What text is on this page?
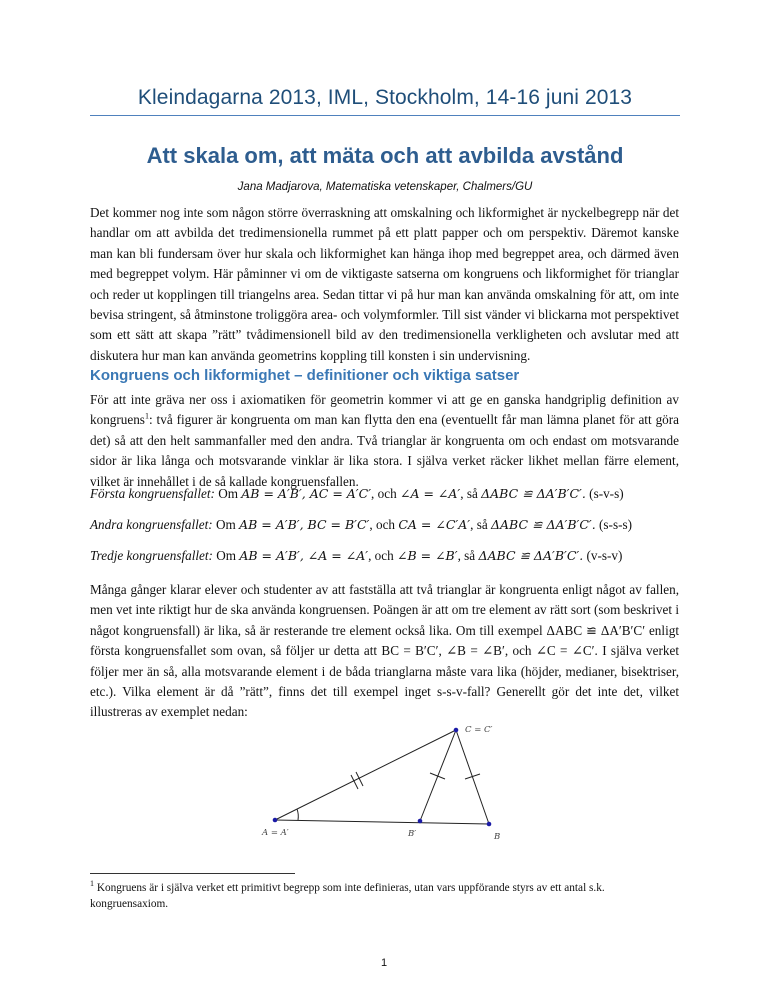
Kleindagarna 2013, IML, Stockholm, 14-16 juni 2013
Att skala om, att mäta och att avbilda avstånd
Jana Madjarova, Matematiska vetenskaper, Chalmers/GU

Det kommer nog inte som någon större överraskning att omskalning och likformighet är nyckelbegrepp när det handlar om att avbilda det tredimensionella rummet på ett platt papper och om perspektiv. Däremot kanske man kan bli fundersam över hur skala och likformighet kan hänga ihop med begreppet area, och därmed även med begreppet volym. Här påminner vi om de viktigaste satserna om kongruens och likformighet för trianglar och reder ut kopplingen till triangelns area. Sedan tittar vi på hur man kan använda omskalning för att, om inte bevisa stringent, så åtminstone troliggöra area- och volymformler. Till sist vänder vi blickarna mot perspektivet som ett sätt att skapa ”rätt” tvådimensionell bild av den tredimensionella verkligheten och avslutar med att diskutera hur man kan använda geometrins koppling till konsten i sin undervisning.

Kongruens och likformighet – definitioner och viktiga satser

För att inte gräva ner oss i axiomatiken för geometrin kommer vi att ge en ganska handgriplig definition av kongruens$^1$: två figurer är kongruenta om man kan flytta den ena (eventuellt får man lämna planet för att göra det) så att den helt sammanfaller med den andra. Två trianglar är kongruenta om och endast om motsvarande sidor är lika långa och motsvarande vinklar är lika stora. I själva verket räcker likhet mellan färre element, vilket är innehållet i de så kallade kongruensfallen.

Första kongruensfallet: Om AB = A′B′, AC = A′C′, och ∠A = ∠A′, så ΔABC ≌ ΔA′B′C′. (s-v-s)
Andra kongruensfallet: Om AB = A′B′, BC = B′C′, och CA = ∠C′A′, så ΔABC ≌ ΔA′B′C′. (s-s-s)
Tredje kongruensfallet: Om AB = A′B′, ∠A = ∠A′, och ∠B = ∠B′, så ΔABC ≌ ΔA′B′C′. (v-s-v)

Många gånger klarar elever och studenter av att fastställa att två trianglar är kongruenta enligt något av fallen, men vet inte riktigt hur de ska använda kongruensen. Poängen är att om tre element av rätt sort (som beskrivet i något kongruensfall) är lika, så är resterande tre element också lika. Om till exempel ΔABC ≌ ΔA′B′C′ enligt första kongruensfallet som ovan, så följer ur detta att BC = B′C′, ∠B = ∠B′, och ∠C = ∠C′. I själva verket följer mer än så, alla motsvarande element i de båda trianglarna måste vara lika (höjder, medianer, bisektriser, etc.). Vilka element är då ”rätt”, finns det till exempel inget s-s-v-fall? Generellt gör det inte det, vilket illustreras av exemplet nedan:

A = A′	B′	B
C = C′

$^1$ Kongruens är i själva verket ett primitivt begrepp som inte definieras, utan vars uppförande styrs av ett antal s.k. kongruensaxiom.

1
